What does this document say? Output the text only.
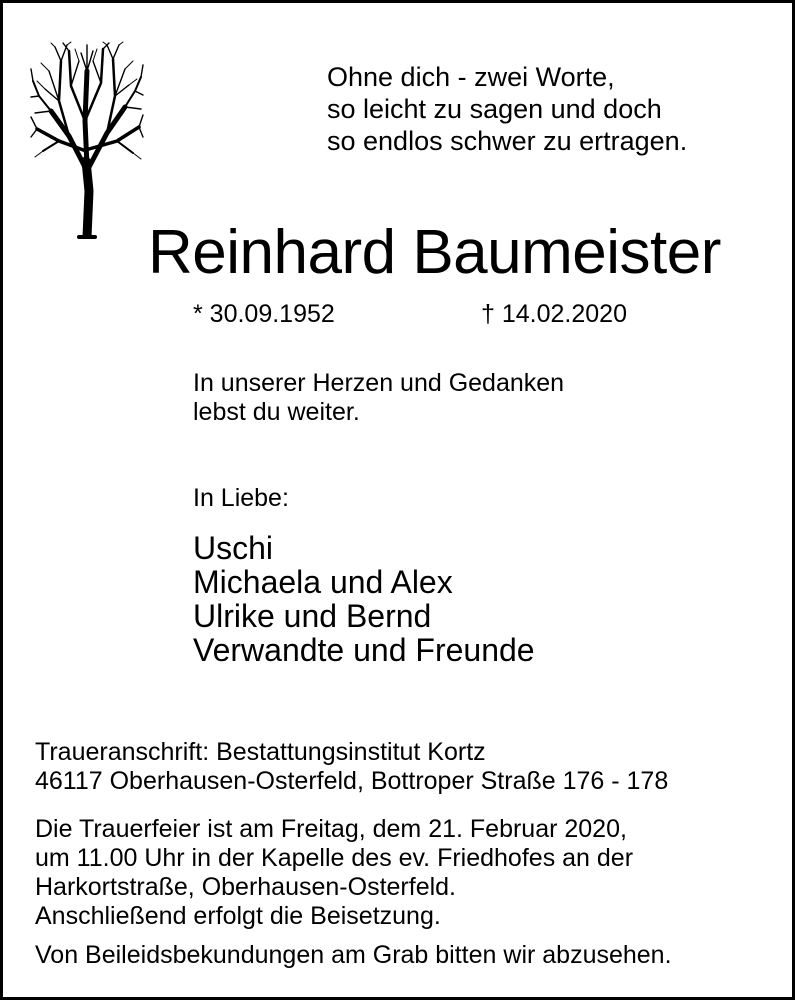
Ohne dich - zwei Worte,
so leicht zu sagen und doch
so endlos schwer zu ertragen.
Reinhard Baumeister
* 30.09.1952	† 14.02.2020
In unserer Herzen und Gedanken
lebst du weiter.
In Liebe:
Uschi
Michaela und Alex
Ulrike und Bernd
Verwandte und Freunde
Traueranschrift: Bestattungsinstitut Kortz
46117 Oberhausen-Osterfeld, Bottroper Straße 176 - 178
Die Trauerfeier ist am Freitag, dem 21. Februar 2020,
um 11.00 Uhr in der Kapelle des ev. Friedhofes an der
Harkortstraße, Oberhausen-Osterfeld.
Anschließend erfolgt die Beisetzung.
Von Beileidsbekundungen am Grab bitten wir abzusehen.
